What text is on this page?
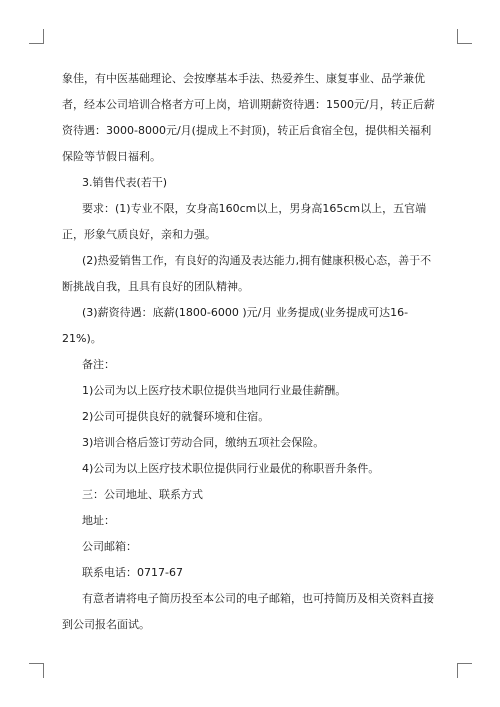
象佳，有中医基础理论、会按摩基本手法、热爱养生、康复事业、品学兼优者，经本公司培训合格者方可上岗，培训期薪资待遇：1500元/月，转正后薪资待遇：3000-8000元/月(提成上不封顶)，转正后食宿全包，提供相关福利保险等节假日福利。

3.销售代表(若干)

要求：(1)专业不限，女身高160cm以上，男身高165cm以上，五官端正，形象气质良好，亲和力强。

(2)热爱销售工作，有良好的沟通及表达能力,拥有健康积极心态，善于不断挑战自我，且具有良好的团队精神。

(3)薪资待遇：底薪(1800-6000 )元/月 业务提成(业务提成可达16-21%)。

备注：

1)公司为以上医疗技术职位提供当地同行业最佳薪酬。

2)公司可提供良好的就餐环境和住宿。

3)培训合格后签订劳动合同，缴纳五项社会保险。

4)公司为以上医疗技术职位提供同行业最优的称职晋升条件。

三：公司地址、联系方式

地址：

公司邮箱：

联系电话：0717-67

有意者请将电子简历投至本公司的电子邮箱，也可持简历及相关资料直接到公司报名面试。
